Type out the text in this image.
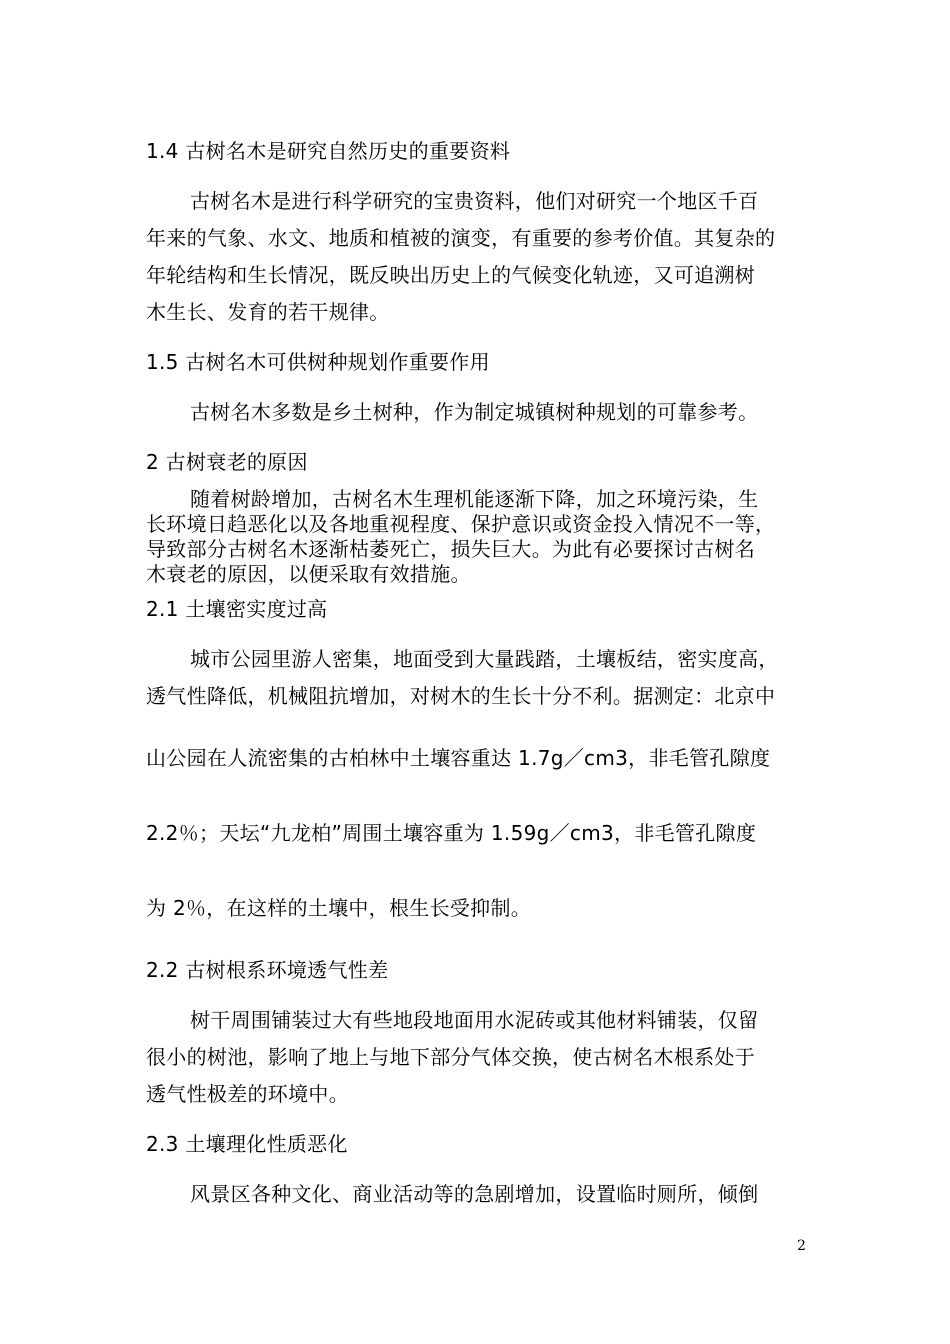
1.4 古树名木是研究自然历史的重要资料
古树名木是进行科学研究的宝贵资料，他们对研究一个地区千百
年来的气象、水文、地质和植被的演变，有重要的参考价值。其复杂的
年轮结构和生长情况，既反映出历史上的气候变化轨迹，又可追溯树
木生长、发育的若干规律。
1.5 古树名木可供树种规划作重要作用
古树名木多数是乡土树种，作为制定城镇树种规划的可靠参考。
2 古树衰老的原因
随着树龄增加，古树名木生理机能逐渐下降，加之环境污染，生
长环境日趋恶化以及各地重视程度、保护意识或资金投入情况不一等，
导致部分古树名木逐渐枯萎死亡，损失巨大。为此有必要探讨古树名
木衰老的原因，以便采取有效措施。
2.1 土壤密实度过高
城市公园里游人密集，地面受到大量践踏，土壤板结，密实度高，
透气性降低，机械阻抗增加，对树木的生长十分不利。据测定：北京中
山公园在人流密集的古柏林中土壤容重达 1.7g／cm3，非毛管孔隙度
2.2％；天坛“九龙柏”周围土壤容重为 1.59g／cm3，非毛管孔隙度
为 2％，在这样的土壤中，根生长受抑制。
2.2 古树根系环境透气性差
树干周围铺装过大有些地段地面用水泥砖或其他材料铺装，仅留
很小的树池，影响了地上与地下部分气体交换，使古树名木根系处于
透气性极差的环境中。
2.3 土壤理化性质恶化
风景区各种文化、商业活动等的急剧增加，设置临时厕所，倾倒
2
